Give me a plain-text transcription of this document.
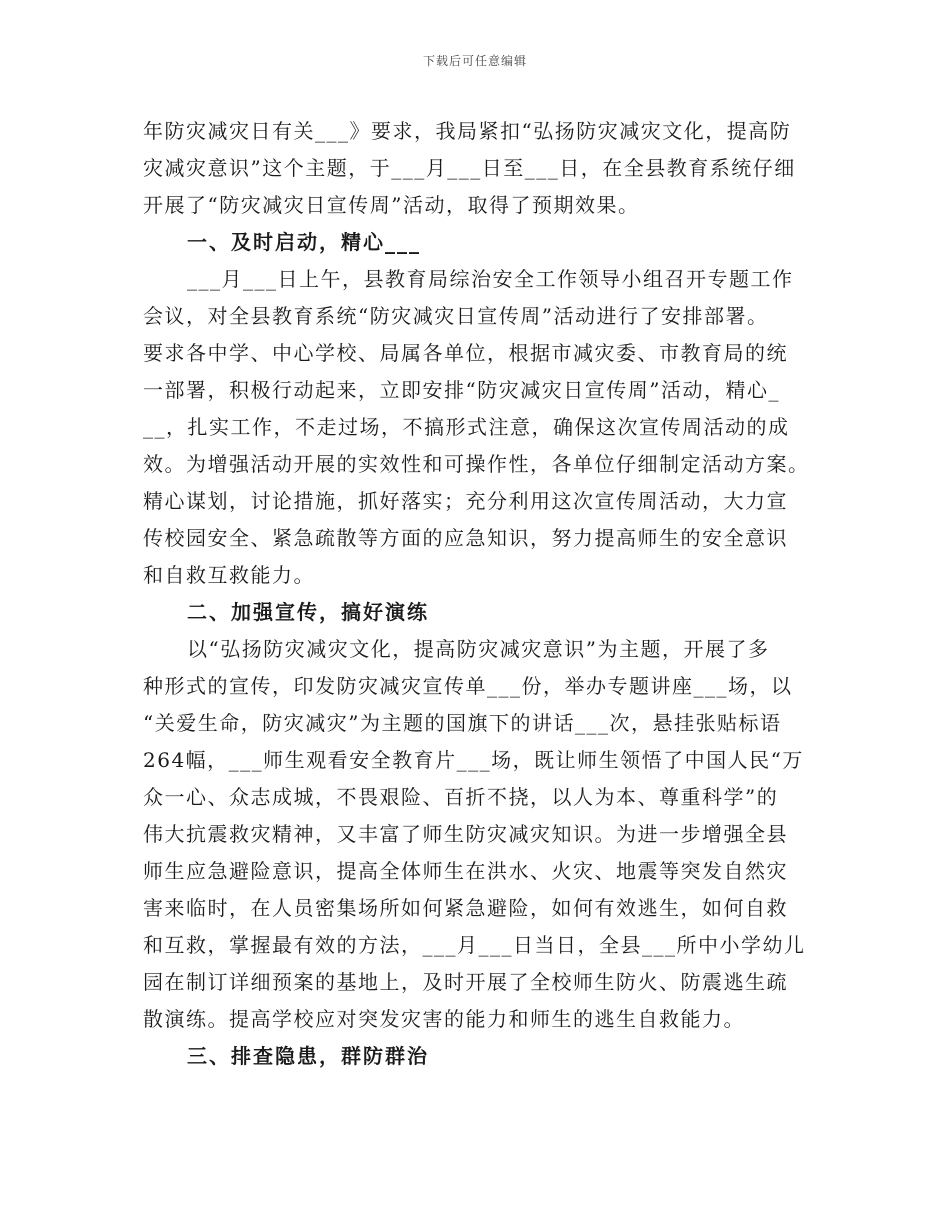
下载后可任意编辑
年防灾减灾日有关___》要求，我局紧扣“弘扬防灾减灾文化，提高防
灾减灾意识”这个主题，于___月___日至___日，在全县教育系统仔细
开展了“防灾减灾日宣传周”活动，取得了预期效果。
一、及时启动，精心___
___月___日上午，县教育局综治安全工作领导小组召开专题工作
会议，对全县教育系统“防灾减灾日宣传周”活动进行了安排部署。
要求各中学、中心学校、局属各单位，根据市减灾委、市教育局的统
一部署，积极行动起来，立即安排“防灾减灾日宣传周”活动，精心_
__，扎实工作，不走过场，不搞形式注意，确保这次宣传周活动的成
效。为增强活动开展的实效性和可操作性，各单位仔细制定活动方案。
精心谋划，讨论措施，抓好落实；充分利用这次宣传周活动，大力宣
传校园安全、紧急疏散等方面的应急知识，努力提高师生的安全意识
和自救互救能力。
二、加强宣传，搞好演练
以“弘扬防灾减灾文化，提高防灾减灾意识”为主题，开展了多
种形式的宣传，印发防灾减灾宣传单___份，举办专题讲座___场，以
“关爱生命，防灾减灾”为主题的国旗下的讲话___次，悬挂张贴标语
264幅，___师生观看安全教育片___场，既让师生领悟了中国人民“万
众一心、众志成城，不畏艰险、百折不挠，以人为本、尊重科学”的
伟大抗震救灾精神，又丰富了师生防灾减灾知识。为进一步增强全县
师生应急避险意识，提高全体师生在洪水、火灾、地震等突发自然灾
害来临时，在人员密集场所如何紧急避险，如何有效逃生，如何自救
和互救，掌握最有效的方法，___月___日当日，全县___所中小学幼儿
园在制订详细预案的基地上，及时开展了全校师生防火、防震逃生疏
散演练。提高学校应对突发灾害的能力和师生的逃生自救能力。
三、排查隐患，群防群治
